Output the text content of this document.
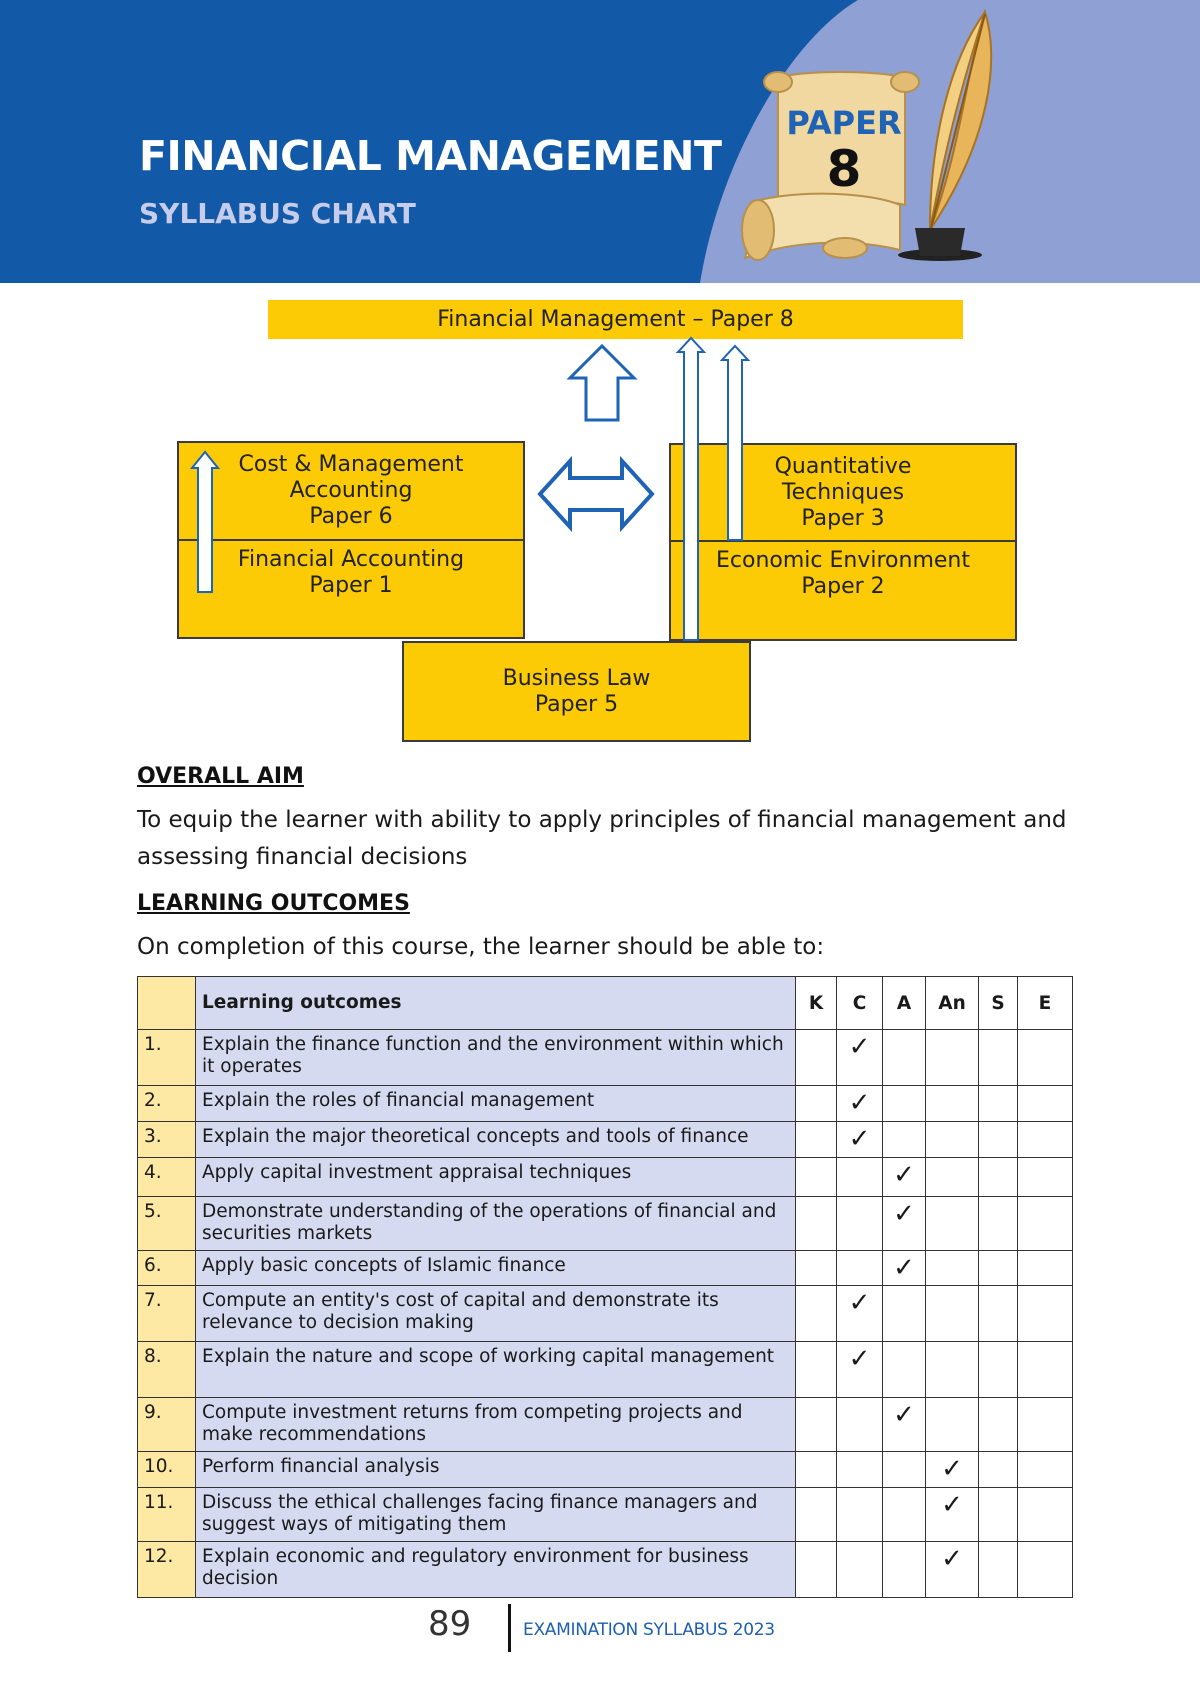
FINANCIAL MANAGEMENT
SYLLABUS CHART
PAPER
8
Financial Management – Paper 8
Cost & Management
Accounting
Paper 6
Financial Accounting
Paper 1
Quantitative
Techniques
Paper 3
Economic Environment
Paper 2
Business Law
Paper 5
OVERALL AIM
To equip the learner with ability to apply principles of financial management and assessing financial decisions
LEARNING OUTCOMES
On completion of this course, the learner should be able to:
	Learning outcomes	K	C	A	An	S	E
1.	Explain the finance function and the environment within which it operates		✓				
2.	Explain the roles of financial management		✓				
3.	Explain the major theoretical concepts and tools of finance		✓				
4.	Apply capital investment appraisal techniques			✓			
5.	Demonstrate understanding of the operations of financial and securities markets			✓			
6.	Apply basic concepts of Islamic finance			✓			
7.	Compute an entity's cost of capital and demonstrate its relevance to decision making		✓				
8.	Explain the nature and scope of working capital management		✓				
9.	Compute investment returns from competing projects and make recommendations			✓			
10.	Perform financial analysis				✓		
11.	Discuss the ethical challenges facing finance managers and suggest ways of mitigating them				✓		
12.	Explain economic and regulatory environment for business decision				✓		
89	EXAMINATION SYLLABUS 2023
